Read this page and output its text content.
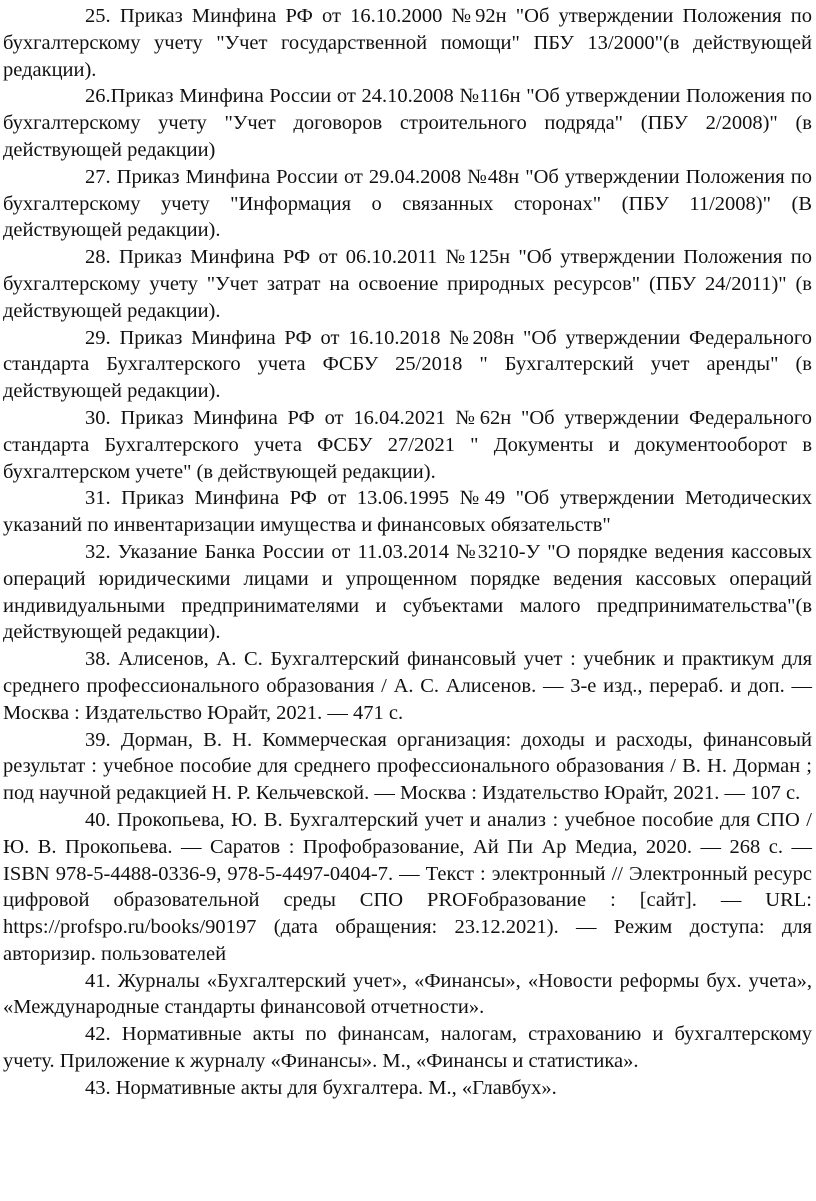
25. Приказ Минфина РФ от 16.10.2000 №92н "Об утверждении Положения по бухгалтерскому учету "Учет государственной помощи" ПБУ 13/2000"(в действующей редакции).

26.Приказ Минфина России от 24.10.2008 №116н "Об утверждении Положения по бухгалтерскому учету "Учет договоров строительного подряда" (ПБУ 2/2008)" (в действующей редакции)

27. Приказ Минфина России от 29.04.2008 №48н "Об утверждении Положения по бухгалтерскому учету "Информация о связанных сторонах" (ПБУ 11/2008)" (В действующей редакции).

28. Приказ Минфина РФ от 06.10.2011 №125н "Об утверждении Положения по бухгалтерскому учету "Учет затрат на освоение природных ресурсов" (ПБУ 24/2011)" (в действующей редакции).

29. Приказ Минфина РФ от 16.10.2018 №208н "Об утверждении Федерального стандарта Бухгалтерского учета ФСБУ 25/2018 " Бухгалтерский учет аренды" (в действующей редакции).

30. Приказ Минфина РФ от 16.04.2021 №62н "Об утверждении Федерального стандарта Бухгалтерского учета ФСБУ 27/2021 " Документы и документооборот в бухгалтерском учете" (в действующей редакции).

31. Приказ Минфина РФ от 13.06.1995 №49 "Об утверждении Методических указаний по инвентаризации имущества и финансовых обязательств"

32. Указание Банка России от 11.03.2014 №3210-У "О порядке ведения кассовых операций юридическими лицами и упрощенном порядке ведения кассовых операций индивидуальными предпринимателями и субъектами малого предпринимательства"(в действующей редакции).

38. Алисенов, А. С. Бухгалтерский финансовый учет : учебник и практикум для среднего профессионального образования / А. С. Алисенов. — 3-е изд., перераб. и доп. — Москва : Издательство Юрайт, 2021. — 471 с.

39. Дорман, В. Н. Коммерческая организация: доходы и расходы, финансовый результат : учебное пособие для среднего профессионального образования / В. Н. Дорман ; под научной редакцией Н. Р. Кельчевской. — Москва : Издательство Юрайт, 2021. — 107 с.

40. Прокопьева, Ю. В. Бухгалтерский учет и анализ : учебное пособие для СПО / Ю. В. Прокопьева. — Саратов : Профобразование, Ай Пи Ар Медиа, 2020. — 268 c. — ISBN 978-5-4488-0336-9, 978-5-4497-0404-7. — Текст : электронный // Электронный ресурс цифровой образовательной среды СПО PROFобразование : [сайт]. — URL: https://profspo.ru/books/90197 (дата обращения: 23.12.2021). — Режим доступа: для авторизир. пользователей

41. Журналы «Бухгалтерский учет», «Финансы», «Новости реформы бух. учета», «Международные стандарты финансовой отчетности».

42. Нормативные акты по финансам, налогам, страхованию и бухгалтерскому учету. Приложение к журналу «Финансы». М., «Финансы и статистика».

43. Нормативные акты для бухгалтера. М., «Главбух».
